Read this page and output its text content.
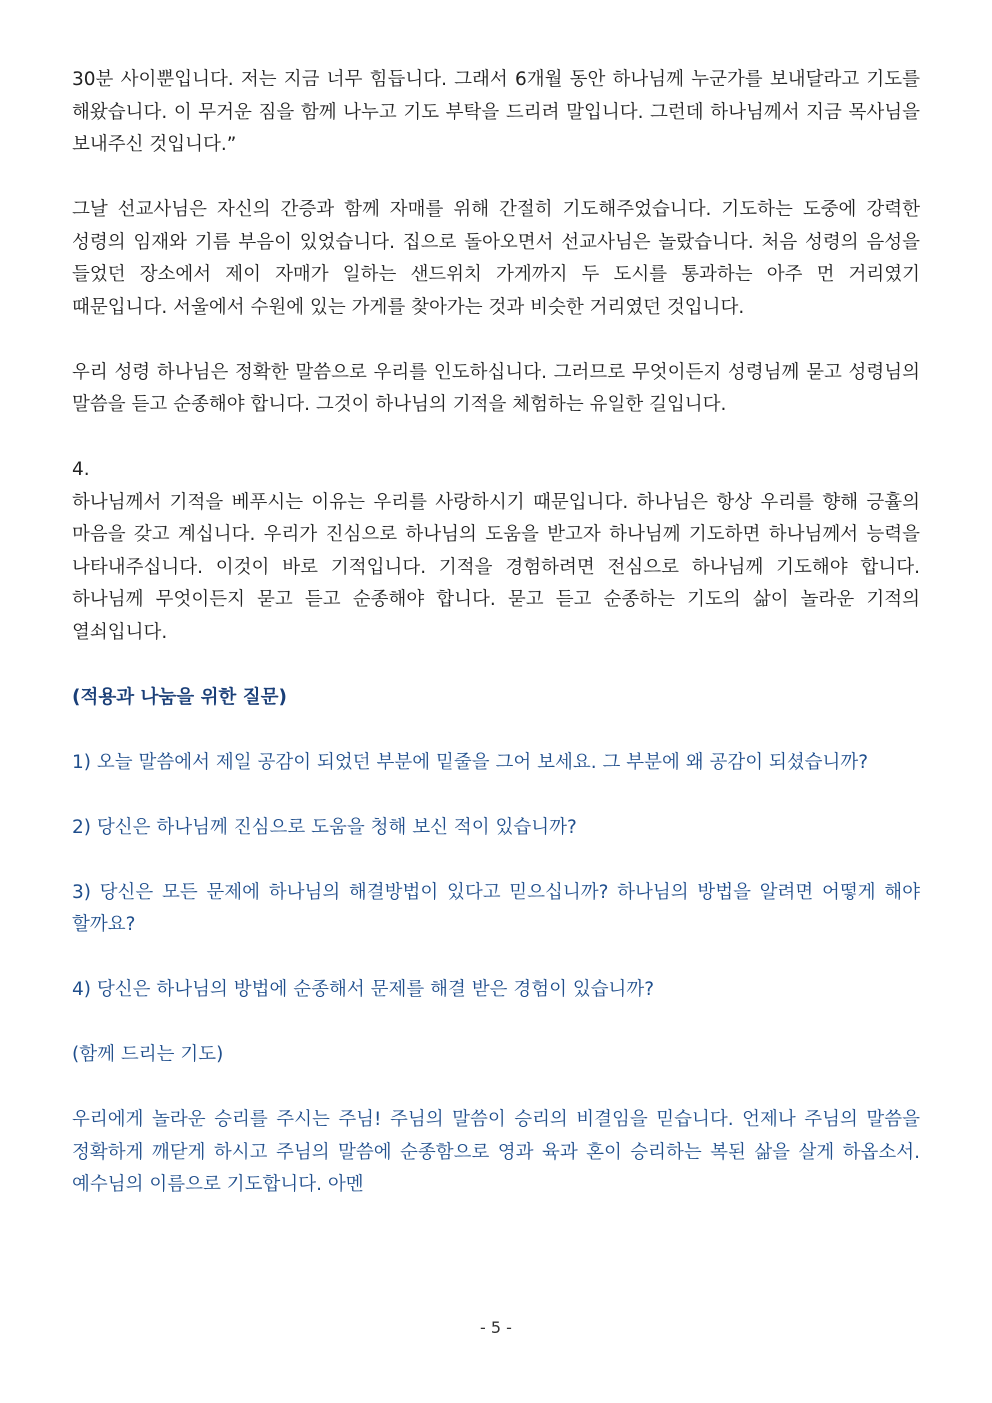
30분 사이뿐입니다. 저는 지금 너무 힘듭니다. 그래서 6개월 동안 하나님께 누군가를 보내달라고 기도를 해왔습니다. 이 무거운 짐을 함께 나누고 기도 부탁을 드리려 말입니다. 그런데 하나님께서 지금 목사님을 보내주신 것입니다.”

그날 선교사님은 자신의 간증과 함께 자매를 위해 간절히 기도해주었습니다. 기도하는 도중에 강력한 성령의 임재와 기름 부음이 있었습니다. 집으로 돌아오면서 선교사님은 놀랐습니다. 처음 성령의 음성을 들었던 장소에서 제이 자매가 일하는 샌드위치 가게까지 두 도시를 통과하는 아주 먼 거리였기 때문입니다. 서울에서 수원에 있는 가게를 찾아가는 것과 비슷한 거리였던 것입니다.

우리 성령 하나님은 정확한 말씀으로 우리를 인도하십니다. 그러므로 무엇이든지 성령님께 묻고 성령님의 말씀을 듣고 순종해야 합니다. 그것이 하나님의 기적을 체험하는 유일한 길입니다.

4.

하나님께서 기적을 베푸시는 이유는 우리를 사랑하시기 때문입니다. 하나님은 항상 우리를 향해 긍휼의 마음을 갖고 계십니다. 우리가 진심으로 하나님의 도움을 받고자 하나님께 기도하면 하나님께서 능력을 나타내주십니다. 이것이 바로 기적입니다. 기적을 경험하려면 전심으로 하나님께 기도해야 합니다. 하나님께 무엇이든지 묻고 듣고 순종해야 합니다. 묻고 듣고 순종하는 기도의 삶이 놀라운 기적의 열쇠입니다.

(적용과 나눔을 위한 질문)

1) 오늘 말씀에서 제일 공감이 되었던 부분에 밑줄을 그어 보세요. 그 부분에 왜 공감이 되셨습니까?

2) 당신은 하나님께 진심으로 도움을 청해 보신 적이 있습니까?

3) 당신은 모든 문제에 하나님의 해결방법이 있다고 믿으십니까? 하나님의 방법을 알려면 어떻게 해야 할까요?

4) 당신은 하나님의 방법에 순종해서 문제를 해결 받은 경험이 있습니까?

(함께 드리는 기도)

우리에게 놀라운 승리를 주시는 주님! 주님의 말씀이 승리의 비결임을 믿습니다. 언제나 주님의 말씀을 정확하게 깨닫게 하시고 주님의 말씀에 순종함으로 영과 육과 혼이 승리하는 복된 삶을 살게 하옵소서. 예수님의 이름으로 기도합니다. 아멘

- 5 -
